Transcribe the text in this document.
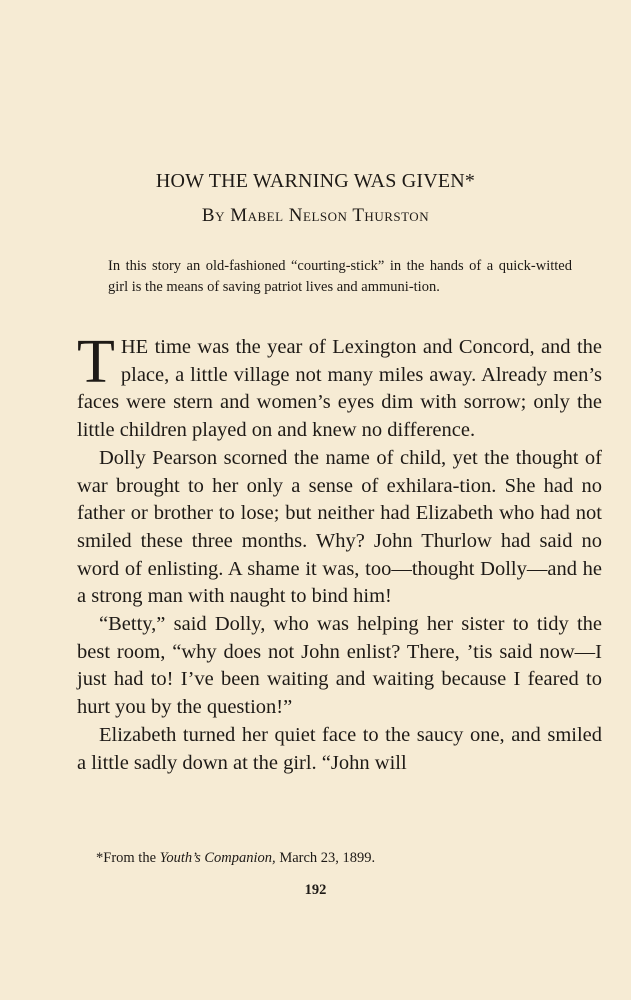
HOW THE WARNING WAS GIVEN*

By Mabel Nelson Thurston

In this story an old-fashioned “courting-stick” in the hands of a quick-witted girl is the means of saving patriot lives and ammuni-tion.

THE time was the year of Lexington and Concord, and the place, a little village not many miles away. Already men’s faces were stern and women’s eyes dim with sorrow; only the little children played on and knew no difference.

Dolly Pearson scorned the name of child, yet the thought of war brought to her only a sense of exhilara-tion. She had no father or brother to lose; but neither had Elizabeth who had not smiled these three months. Why? John Thurlow had said no word of enlisting. A shame it was, too—thought Dolly—and he a strong man with naught to bind him!

“Betty,” said Dolly, who was helping her sister to tidy the best room, “why does not John enlist? There, ’tis said now—I just had to! I’ve been waiting and waiting because I feared to hurt you by the question!”

Elizabeth turned her quiet face to the saucy one, and smiled a little sadly down at the girl. “John will

*From the Youth’s Companion, March 23, 1899.

192
